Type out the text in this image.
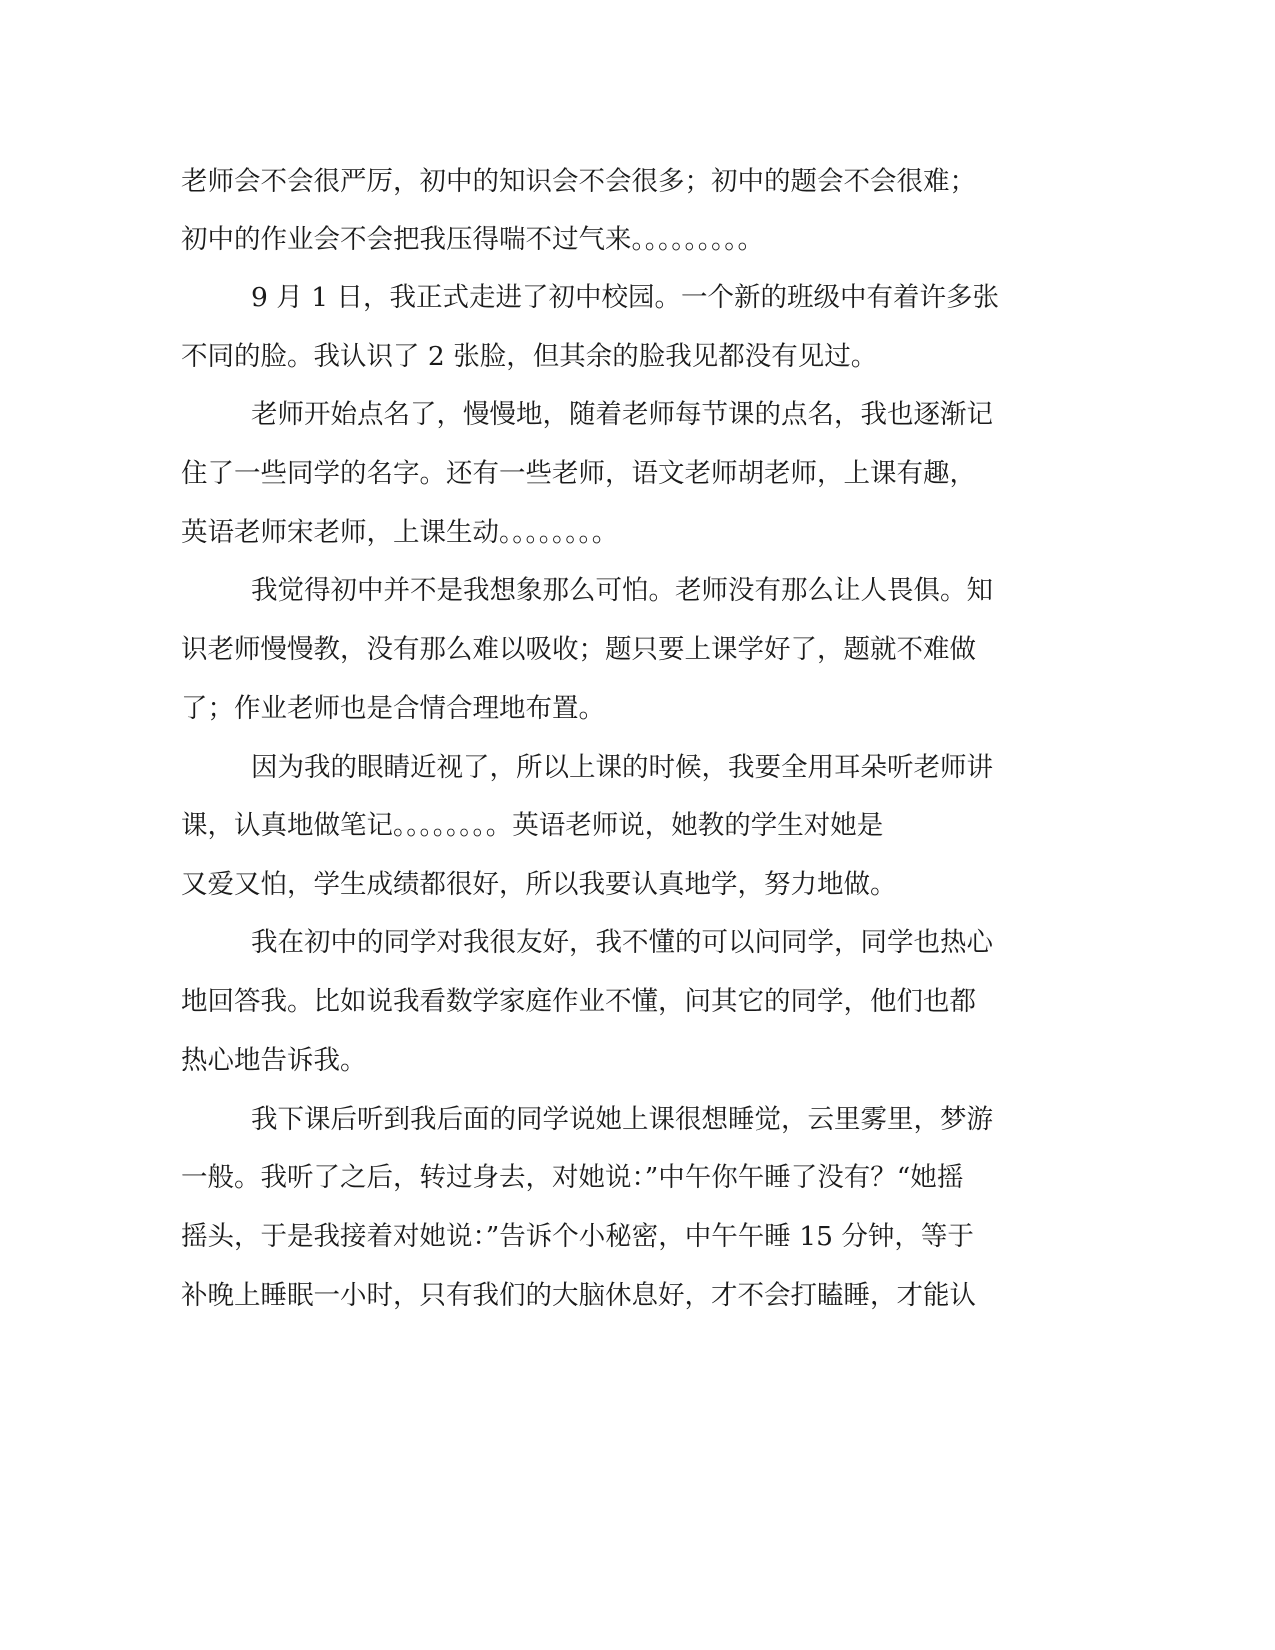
老师会不会很严厉，初中的知识会不会很多；初中的题会不会很难；
初中的作业会不会把我压得喘不过气来。。。。。。。。。
9 月 1 日，我正式走进了初中校园。一个新的班级中有着许多张
不同的脸。我认识了 2 张脸，但其余的脸我见都没有见过。
老师开始点名了，慢慢地，随着老师每节课的点名，我也逐渐记
住了一些同学的名字。还有一些老师，语文老师胡老师，上课有趣，
英语老师宋老师，上课生动。。。。。。。。
我觉得初中并不是我想象那么可怕。老师没有那么让人畏俱。知
识老师慢慢教，没有那么难以吸收；题只要上课学好了，题就不难做
了；作业老师也是合情合理地布置。
因为我的眼睛近视了，所以上课的时候，我要全用耳朵听老师讲
课，认真地做笔记。。。。。。。。英语老师说，她教的学生对她是
又爱又怕，学生成绩都很好，所以我要认真地学，努力地做。
我在初中的同学对我很友好，我不懂的可以问同学，同学也热心
地回答我。比如说我看数学家庭作业不懂，问其它的同学，他们也都
热心地告诉我。
我下课后听到我后面的同学说她上课很想睡觉，云里雾里，梦游
一般。我听了之后，转过身去，对她说：”中午你午睡了没有？“她摇
摇头，于是我接着对她说：”告诉个小秘密，中午午睡 15 分钟，等于
补晚上睡眠一小时，只有我们的大脑休息好，才不会打瞌睡，才能认
